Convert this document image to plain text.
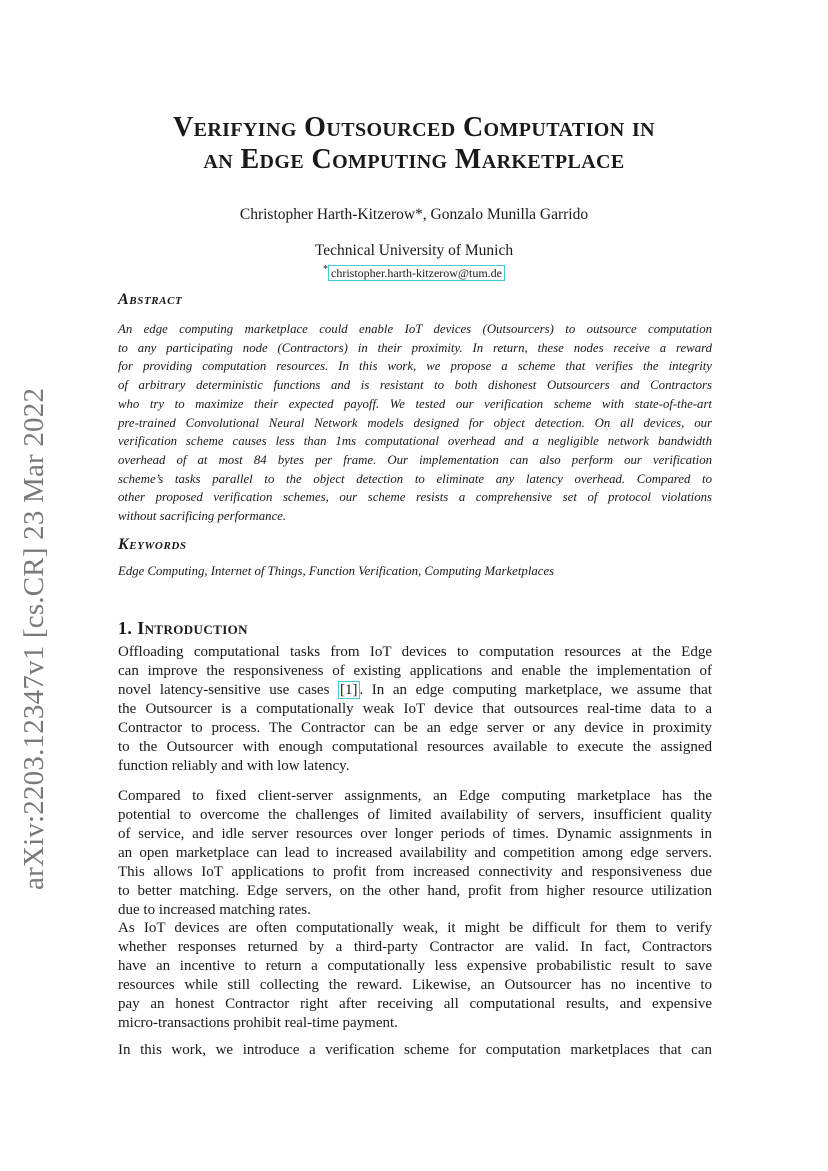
arXiv:2203.12347v1 [cs.CR] 23 Mar 2022
Verifying Outsourced Computation in
an Edge Computing Marketplace
Christopher Harth-Kitzerow*, Gonzalo Munilla Garrido
Technical University of Munich
* christopher.harth-kitzerow@tum.de
Abstract
An edge computing marketplace could enable IoT devices (Outsourcers) to outsource computation
to any participating node (Contractors) in their proximity. In return, these nodes receive a reward
for providing computation resources. In this work, we propose a scheme that verifies the integrity
of arbitrary deterministic functions and is resistant to both dishonest Outsourcers and Contractors
who try to maximize their expected payoff. We tested our verification scheme with state-of-the-art
pre-trained Convolutional Neural Network models designed for object detection. On all devices, our
verification scheme causes less than 1ms computational overhead and a negligible network bandwidth
overhead of at most 84 bytes per frame. Our implementation can also perform our verification
scheme’s tasks parallel to the object detection to eliminate any latency overhead. Compared to
other proposed verification schemes, our scheme resists a comprehensive set of protocol violations
without sacrificing performance.
Keywords
Edge Computing, Internet of Things, Function Verification, Computing Marketplaces
1. Introduction
Offloading computational tasks from IoT devices to computation resources at the Edge
can improve the responsiveness of existing applications and enable the implementation of
novel latency-sensitive use cases [1] . In an edge computing marketplace, we assume that
the Outsourcer is a computationally weak IoT device that outsources real-time data to a
Contractor to process. The Contractor can be an edge server or any device in proximity
to the Outsourcer with enough computational resources available to execute the assigned
function reliably and with low latency.
Compared to fixed client-server assignments, an Edge computing marketplace has the
potential to overcome the challenges of limited availability of servers, insufficient quality
of service, and idle server resources over longer periods of times. Dynamic assignments in
an open marketplace can lead to increased availability and competition among edge servers.
This allows IoT applications to profit from increased connectivity and responsiveness due
to better matching. Edge servers, on the other hand, profit from higher resource utilization
due to increased matching rates.
As IoT devices are often computationally weak, it might be difficult for them to verify
whether responses returned by a third-party Contractor are valid. In fact, Contractors
have an incentive to return a computationally less expensive probabilistic result to save
resources while still collecting the reward. Likewise, an Outsourcer has no incentive to
pay an honest Contractor right after receiving all computational results, and expensive
micro-transactions prohibit real-time payment.
In this work, we introduce a verification scheme for computation marketplaces that can
